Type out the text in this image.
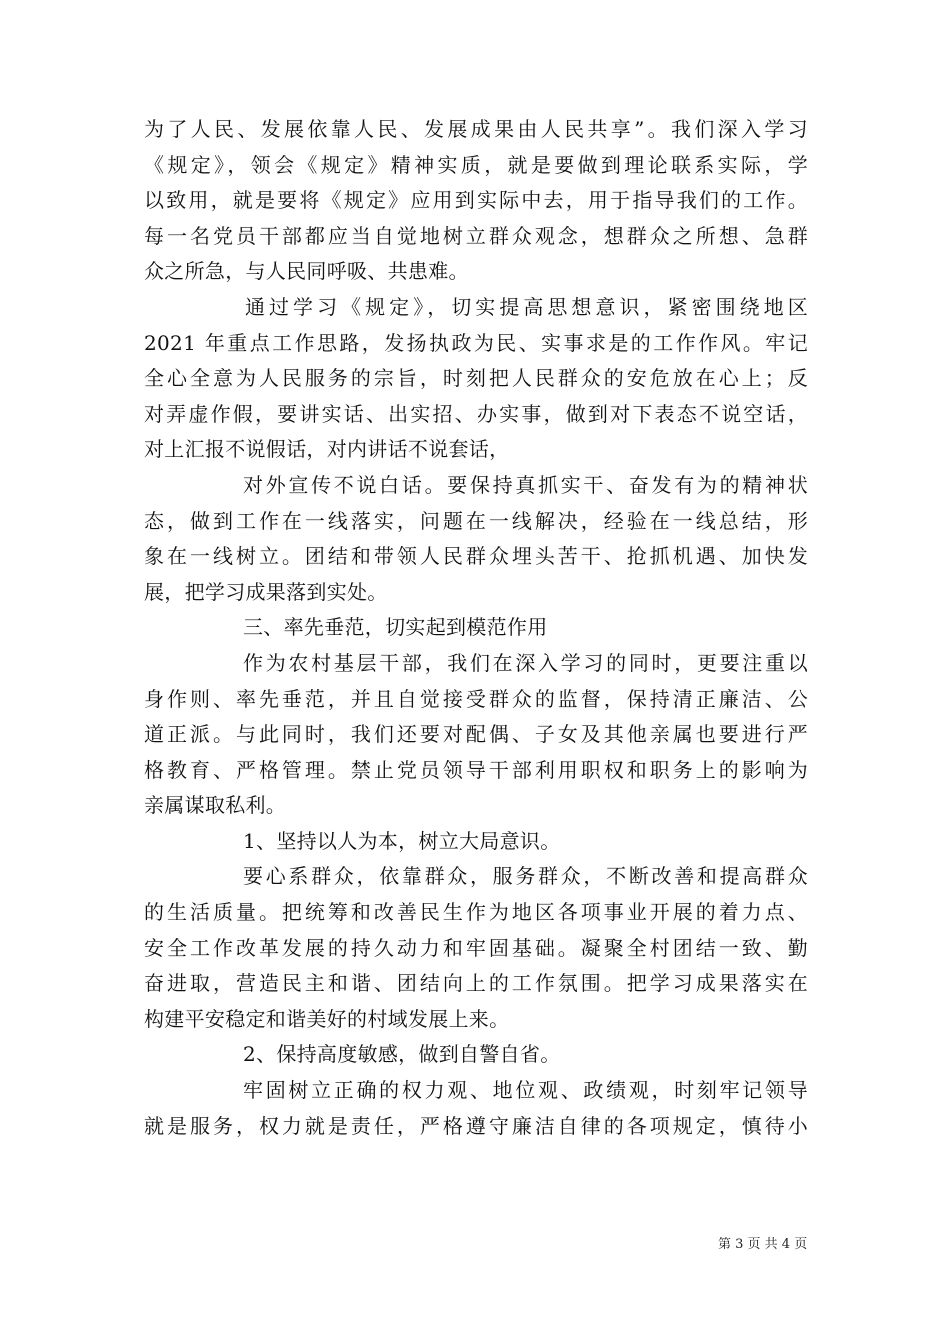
为了人民、发展依靠人民、发展成果由人民共享”。我们深入学习
《规定》，领会《规定》精神实质，就是要做到理论联系实际，学
以致用，就是要将《规定》应用到实际中去，用于指导我们的工作。
每一名党员干部都应当自觉地树立群众观念，想群众之所想、急群
众之所急，与人民同呼吸、共患难。
通过学习《规定》，切实提高思想意识，紧密围绕地区
2021 年重点工作思路，发扬执政为民、实事求是的工作作风。牢记
全心全意为人民服务的宗旨，时刻把人民群众的安危放在心上；反
对弄虚作假，要讲实话、出实招、办实事，做到对下表态不说空话，
对上汇报不说假话，对内讲话不说套话，
对外宣传不说白话。要保持真抓实干、奋发有为的精神状
态，做到工作在一线落实，问题在一线解决，经验在一线总结，形
象在一线树立。团结和带领人民群众埋头苦干、抢抓机遇、加快发
展，把学习成果落到实处。
三、率先垂范，切实起到模范作用
作为农村基层干部，我们在深入学习的同时，更要注重以
身作则、率先垂范，并且自觉接受群众的监督，保持清正廉洁、公
道正派。与此同时，我们还要对配偶、子女及其他亲属也要进行严
格教育、严格管理。禁止党员领导干部利用职权和职务上的影响为
亲属谋取私利。
1、坚持以人为本，树立大局意识。
要心系群众，依靠群众，服务群众，不断改善和提高群众
的生活质量。把统筹和改善民生作为地区各项事业开展的着力点、
安全工作改革发展的持久动力和牢固基础。凝聚全村团结一致、勤
奋进取，营造民主和谐、团结向上的工作氛围。把学习成果落实在
构建平安稳定和谐美好的村域发展上来。
2、保持高度敏感，做到自警自省。
牢固树立正确的权力观、地位观、政绩观，时刻牢记领导
就是服务，权力就是责任，严格遵守廉洁自律的各项规定，慎待小
第 3 页 共 4 页
